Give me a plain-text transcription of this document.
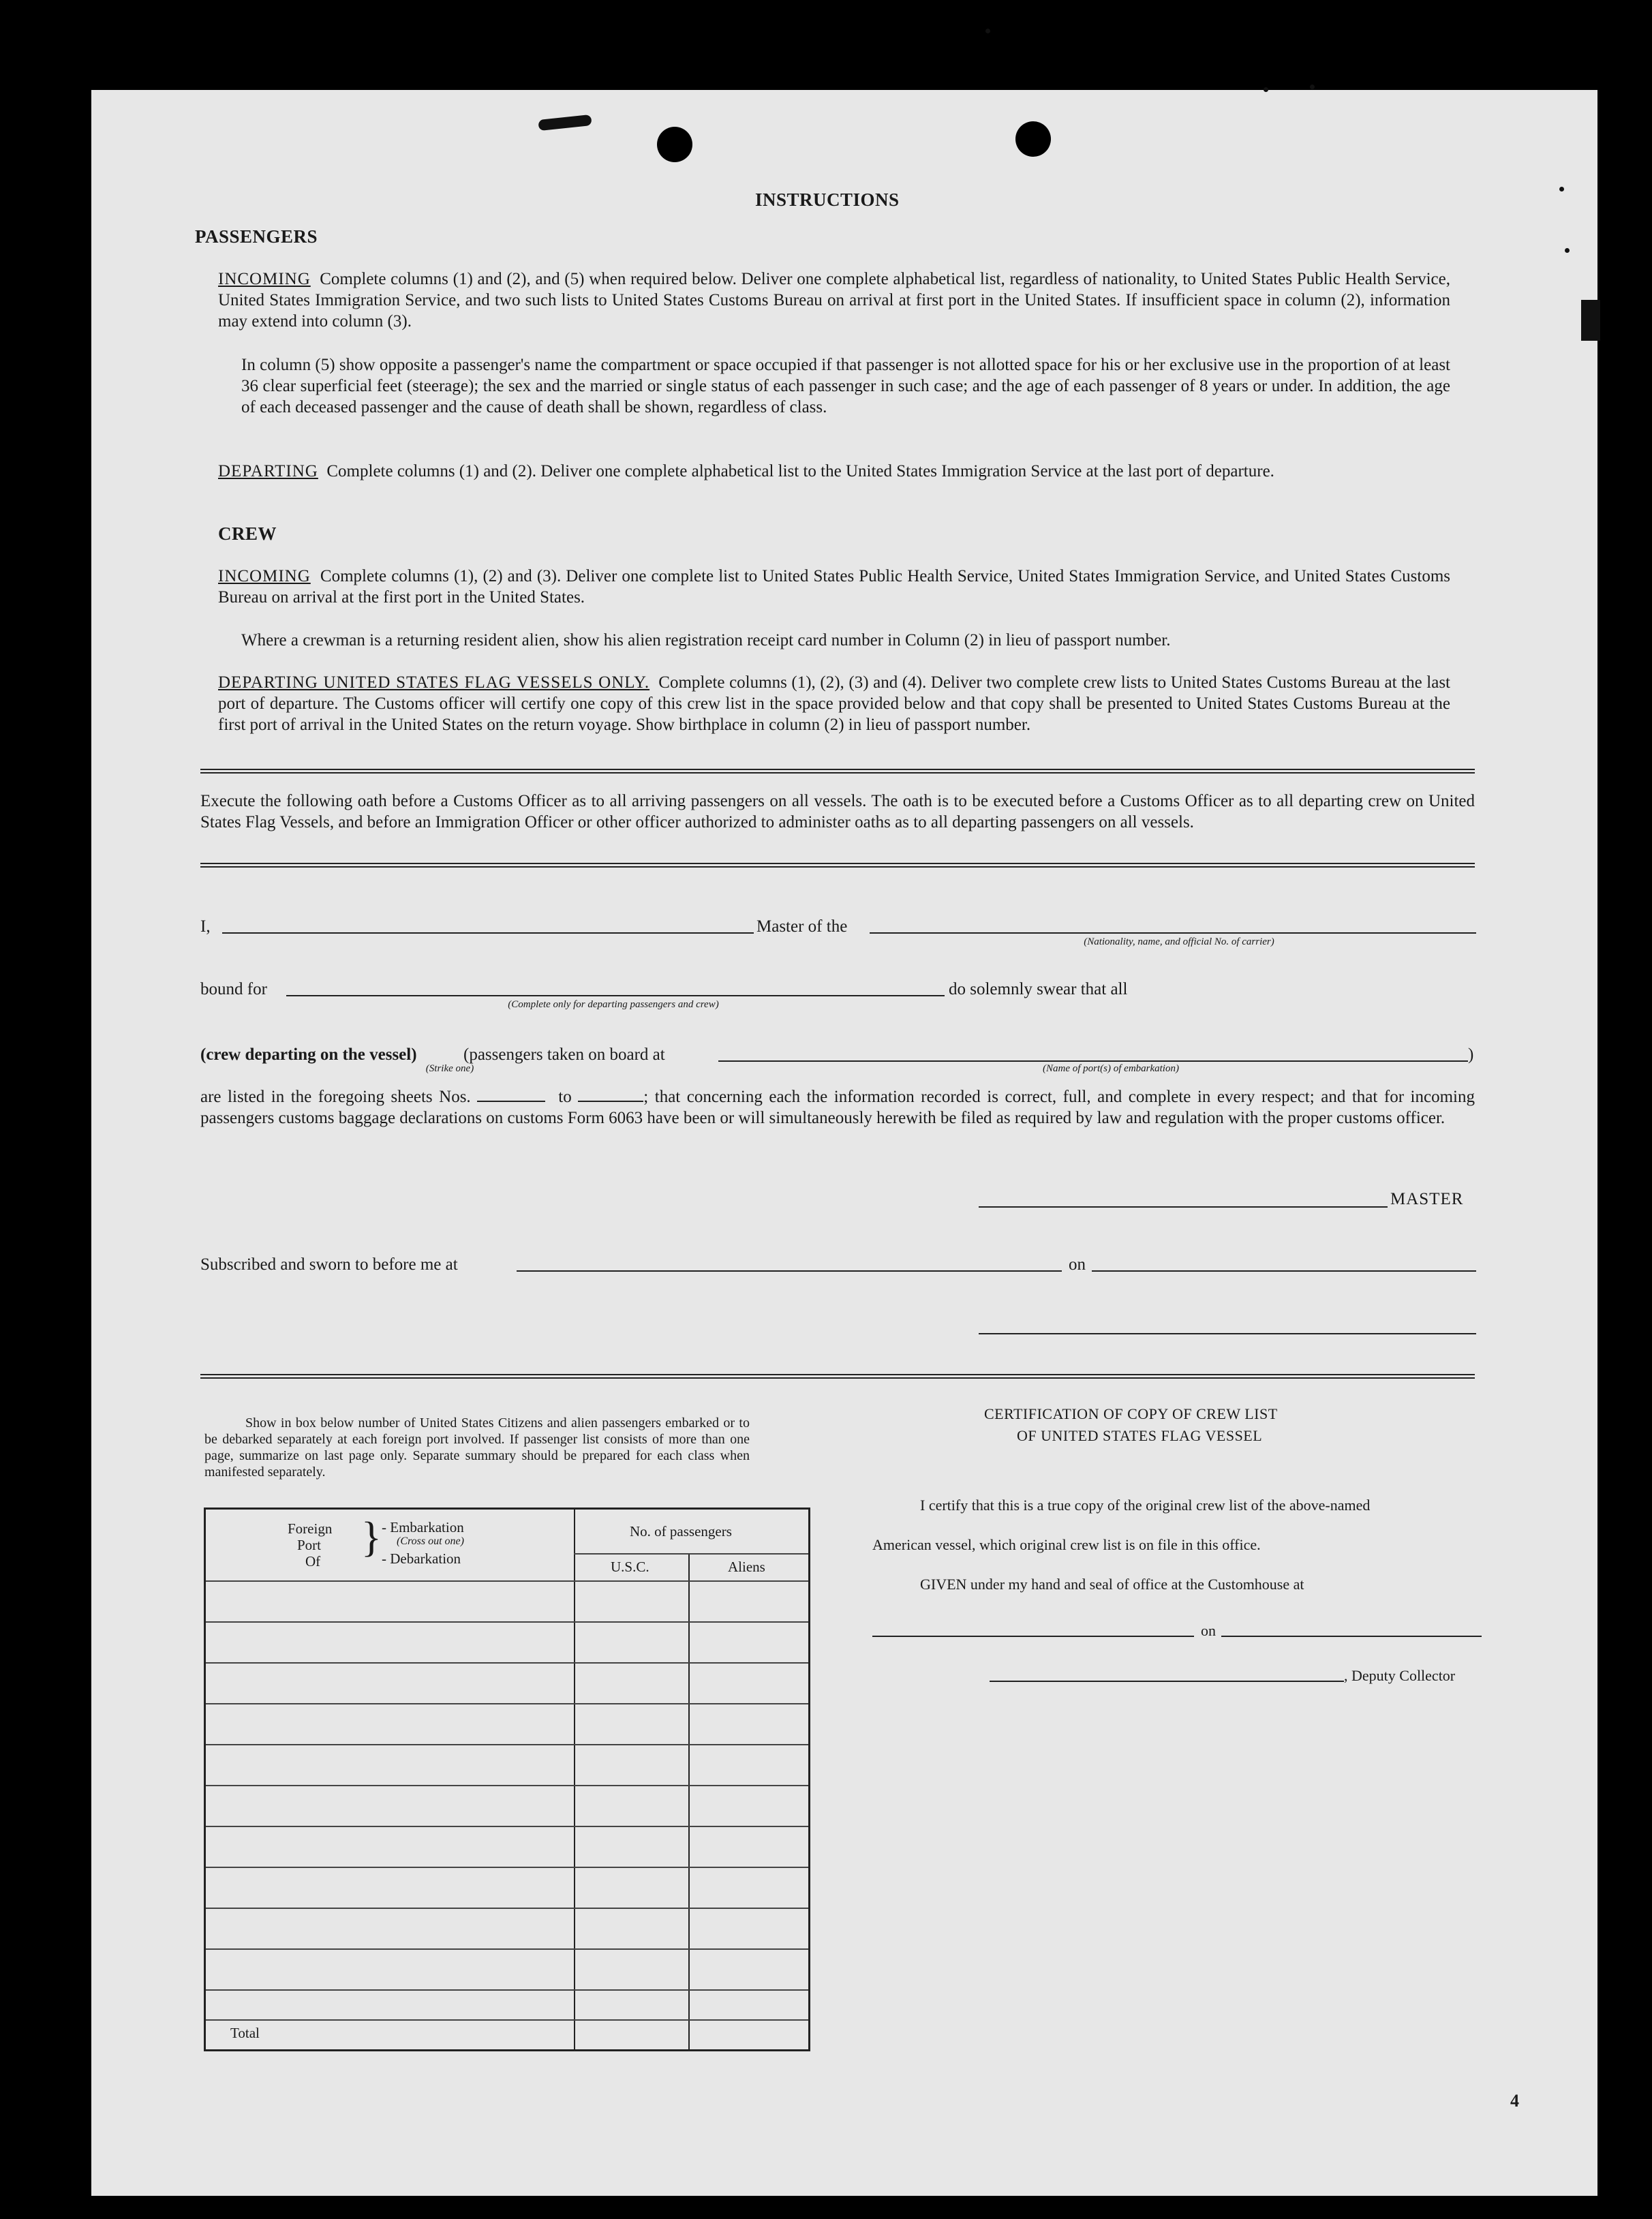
INSTRUCTIONS
PASSENGERS
INCOMING Complete columns (1) and (2), and (5) when required below. Deliver one complete alphabetical list, regardless of nationality, to United States Public Health Service, United States Immigration Service, and two such lists to United States Customs Bureau on arrival at first port in the United States. If insufficient space in column (2), information may extend into column (3).
In column (5) show opposite a passenger's name the compartment or space occupied if that passenger is not allotted space for his or her exclusive use in the proportion of at least 36 clear superficial feet (steerage); the sex and the married or single status of each passenger in such case; and the age of each passenger of 8 years or under. In addition, the age of each deceased passenger and the cause of death shall be shown, regardless of class.
DEPARTING Complete columns (1) and (2). Deliver one complete alphabetical list to the United States Immigration Service at the last port of departure.
CREW
INCOMING Complete columns (1), (2) and (3). Deliver one complete list to United States Public Health Service, United States Immigration Service, and United States Customs Bureau on arrival at the first port in the United States.
Where a crewman is a returning resident alien, show his alien registration receipt card number in Column (2) in lieu of passport number.
DEPARTING UNITED STATES FLAG VESSELS ONLY. Complete columns (1), (2), (3) and (4). Deliver two complete crew lists to United States Customs Bureau at the last port of departure. The Customs officer will certify one copy of this crew list in the space provided below and that copy shall be presented to United States Customs Bureau at the first port of arrival in the United States on the return voyage. Show birthplace in column (2) in lieu of passport number.
Execute the following oath before a Customs Officer as to all arriving passengers on all vessels. The oath is to be executed before a Customs Officer as to all departing crew on United States Flag Vessels, and before an Immigration Officer or other officer authorized to administer oaths as to all departing passengers on all vessels.
I,	Master of the
(Nationality, name, and official No. of carrier)
bound for
(Complete only for departing passengers and crew)
do solemnly swear that all
(crew departing on the vessel)	(passengers taken on board at	)
(Strike one)	(Name of port(s) of embarkation)
are listed in the foregoing sheets Nos.	to	; that concerning each the information recorded is correct, full, and complete in every respect; and that for incoming passengers customs baggage declarations on customs Form 6063 have been or will simultaneously herewith be filed as required by law and regulation with the proper customs officer.
MASTER
Subscribed and sworn to before me at	on
Show in box below number of United States Citizens and alien passengers embarked or to be debarked separately at each foreign port involved. If passenger list consists of more than one page, summarize on last page only. Separate summary should be prepared for each class when manifested separately.
Foreign
Port
Of
} - Embarkation
(Cross out one)
- Debarkation
No. of passengers
U.S.C.	Aliens
Total
CERTIFICATION OF COPY OF CREW LIST
OF UNITED STATES FLAG VESSEL
I certify that this is a true copy of the original crew list of the above-named
American vessel, which original crew list is on file in this office.
GIVEN under my hand and seal of office at the Customhouse at
on
, Deputy Collector
4
